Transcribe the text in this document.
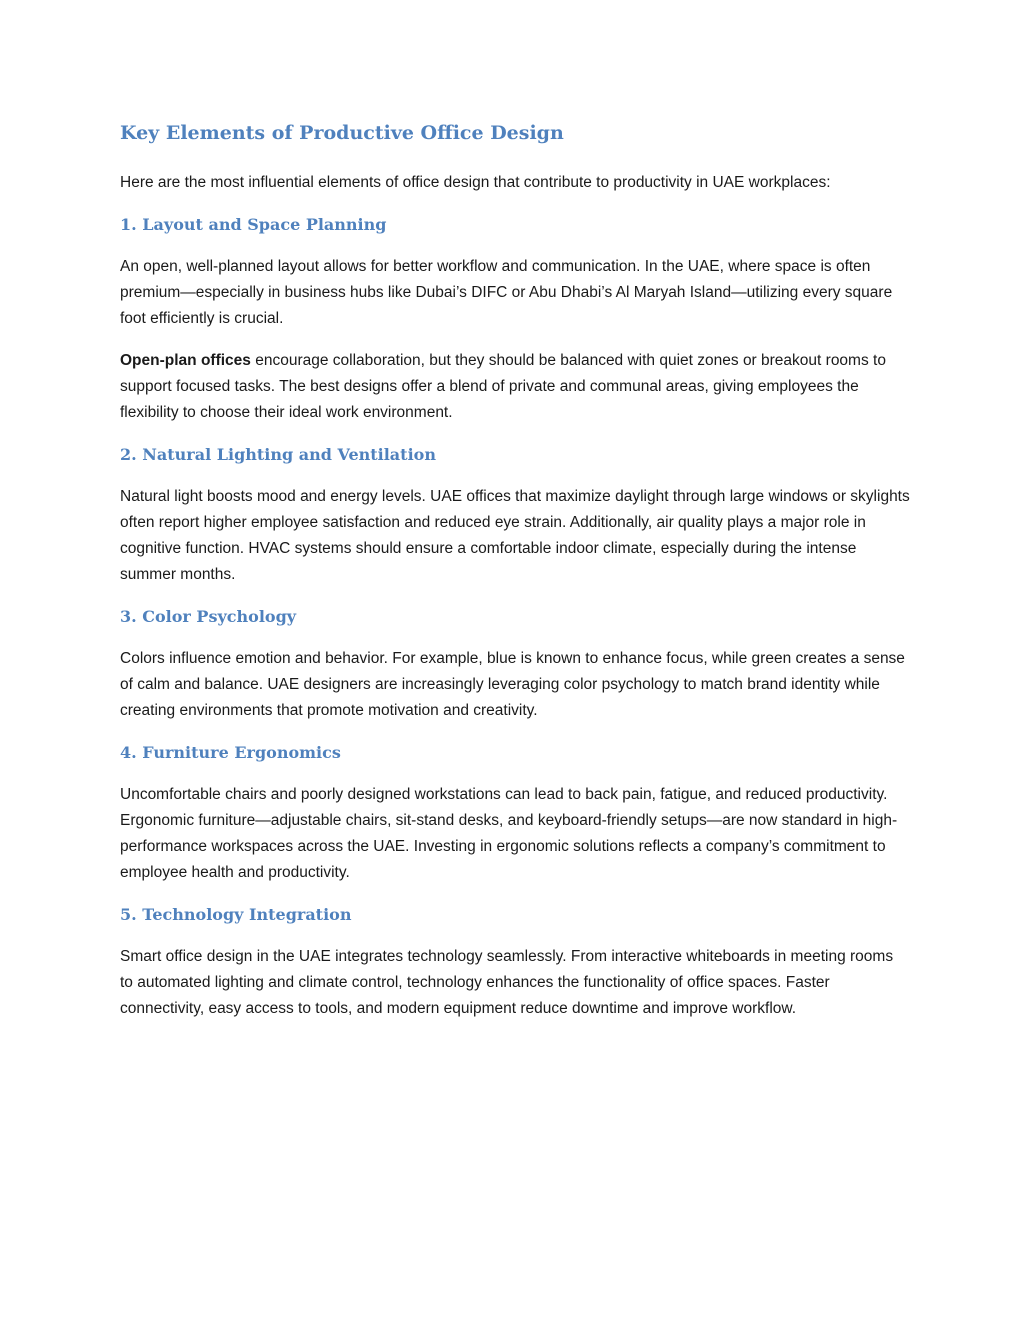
Key Elements of Productive Office Design

Here are the most influential elements of office design that contribute to productivity in UAE workplaces:

1. Layout and Space Planning

An open, well-planned layout allows for better workflow and communication. In the UAE, where space is often premium—especially in business hubs like Dubai’s DIFC or Abu Dhabi’s Al Maryah Island—utilizing every square foot efficiently is crucial.

Open-plan offices encourage collaboration, but they should be balanced with quiet zones or breakout rooms to support focused tasks. The best designs offer a blend of private and communal areas, giving employees the flexibility to choose their ideal work environment.

2. Natural Lighting and Ventilation

Natural light boosts mood and energy levels. UAE offices that maximize daylight through large windows or skylights often report higher employee satisfaction and reduced eye strain. Additionally, air quality plays a major role in cognitive function. HVAC systems should ensure a comfortable indoor climate, especially during the intense summer months.

3. Color Psychology

Colors influence emotion and behavior. For example, blue is known to enhance focus, while green creates a sense of calm and balance. UAE designers are increasingly leveraging color psychology to match brand identity while creating environments that promote motivation and creativity.

4. Furniture Ergonomics

Uncomfortable chairs and poorly designed workstations can lead to back pain, fatigue, and reduced productivity. Ergonomic furniture—adjustable chairs, sit-stand desks, and keyboard-friendly setups—are now standard in high-performance workspaces across the UAE. Investing in ergonomic solutions reflects a company’s commitment to employee health and productivity.

5. Technology Integration

Smart office design in the UAE integrates technology seamlessly. From interactive whiteboards in meeting rooms to automated lighting and climate control, technology enhances the functionality of office spaces. Faster connectivity, easy access to tools, and modern equipment reduce downtime and improve workflow.
